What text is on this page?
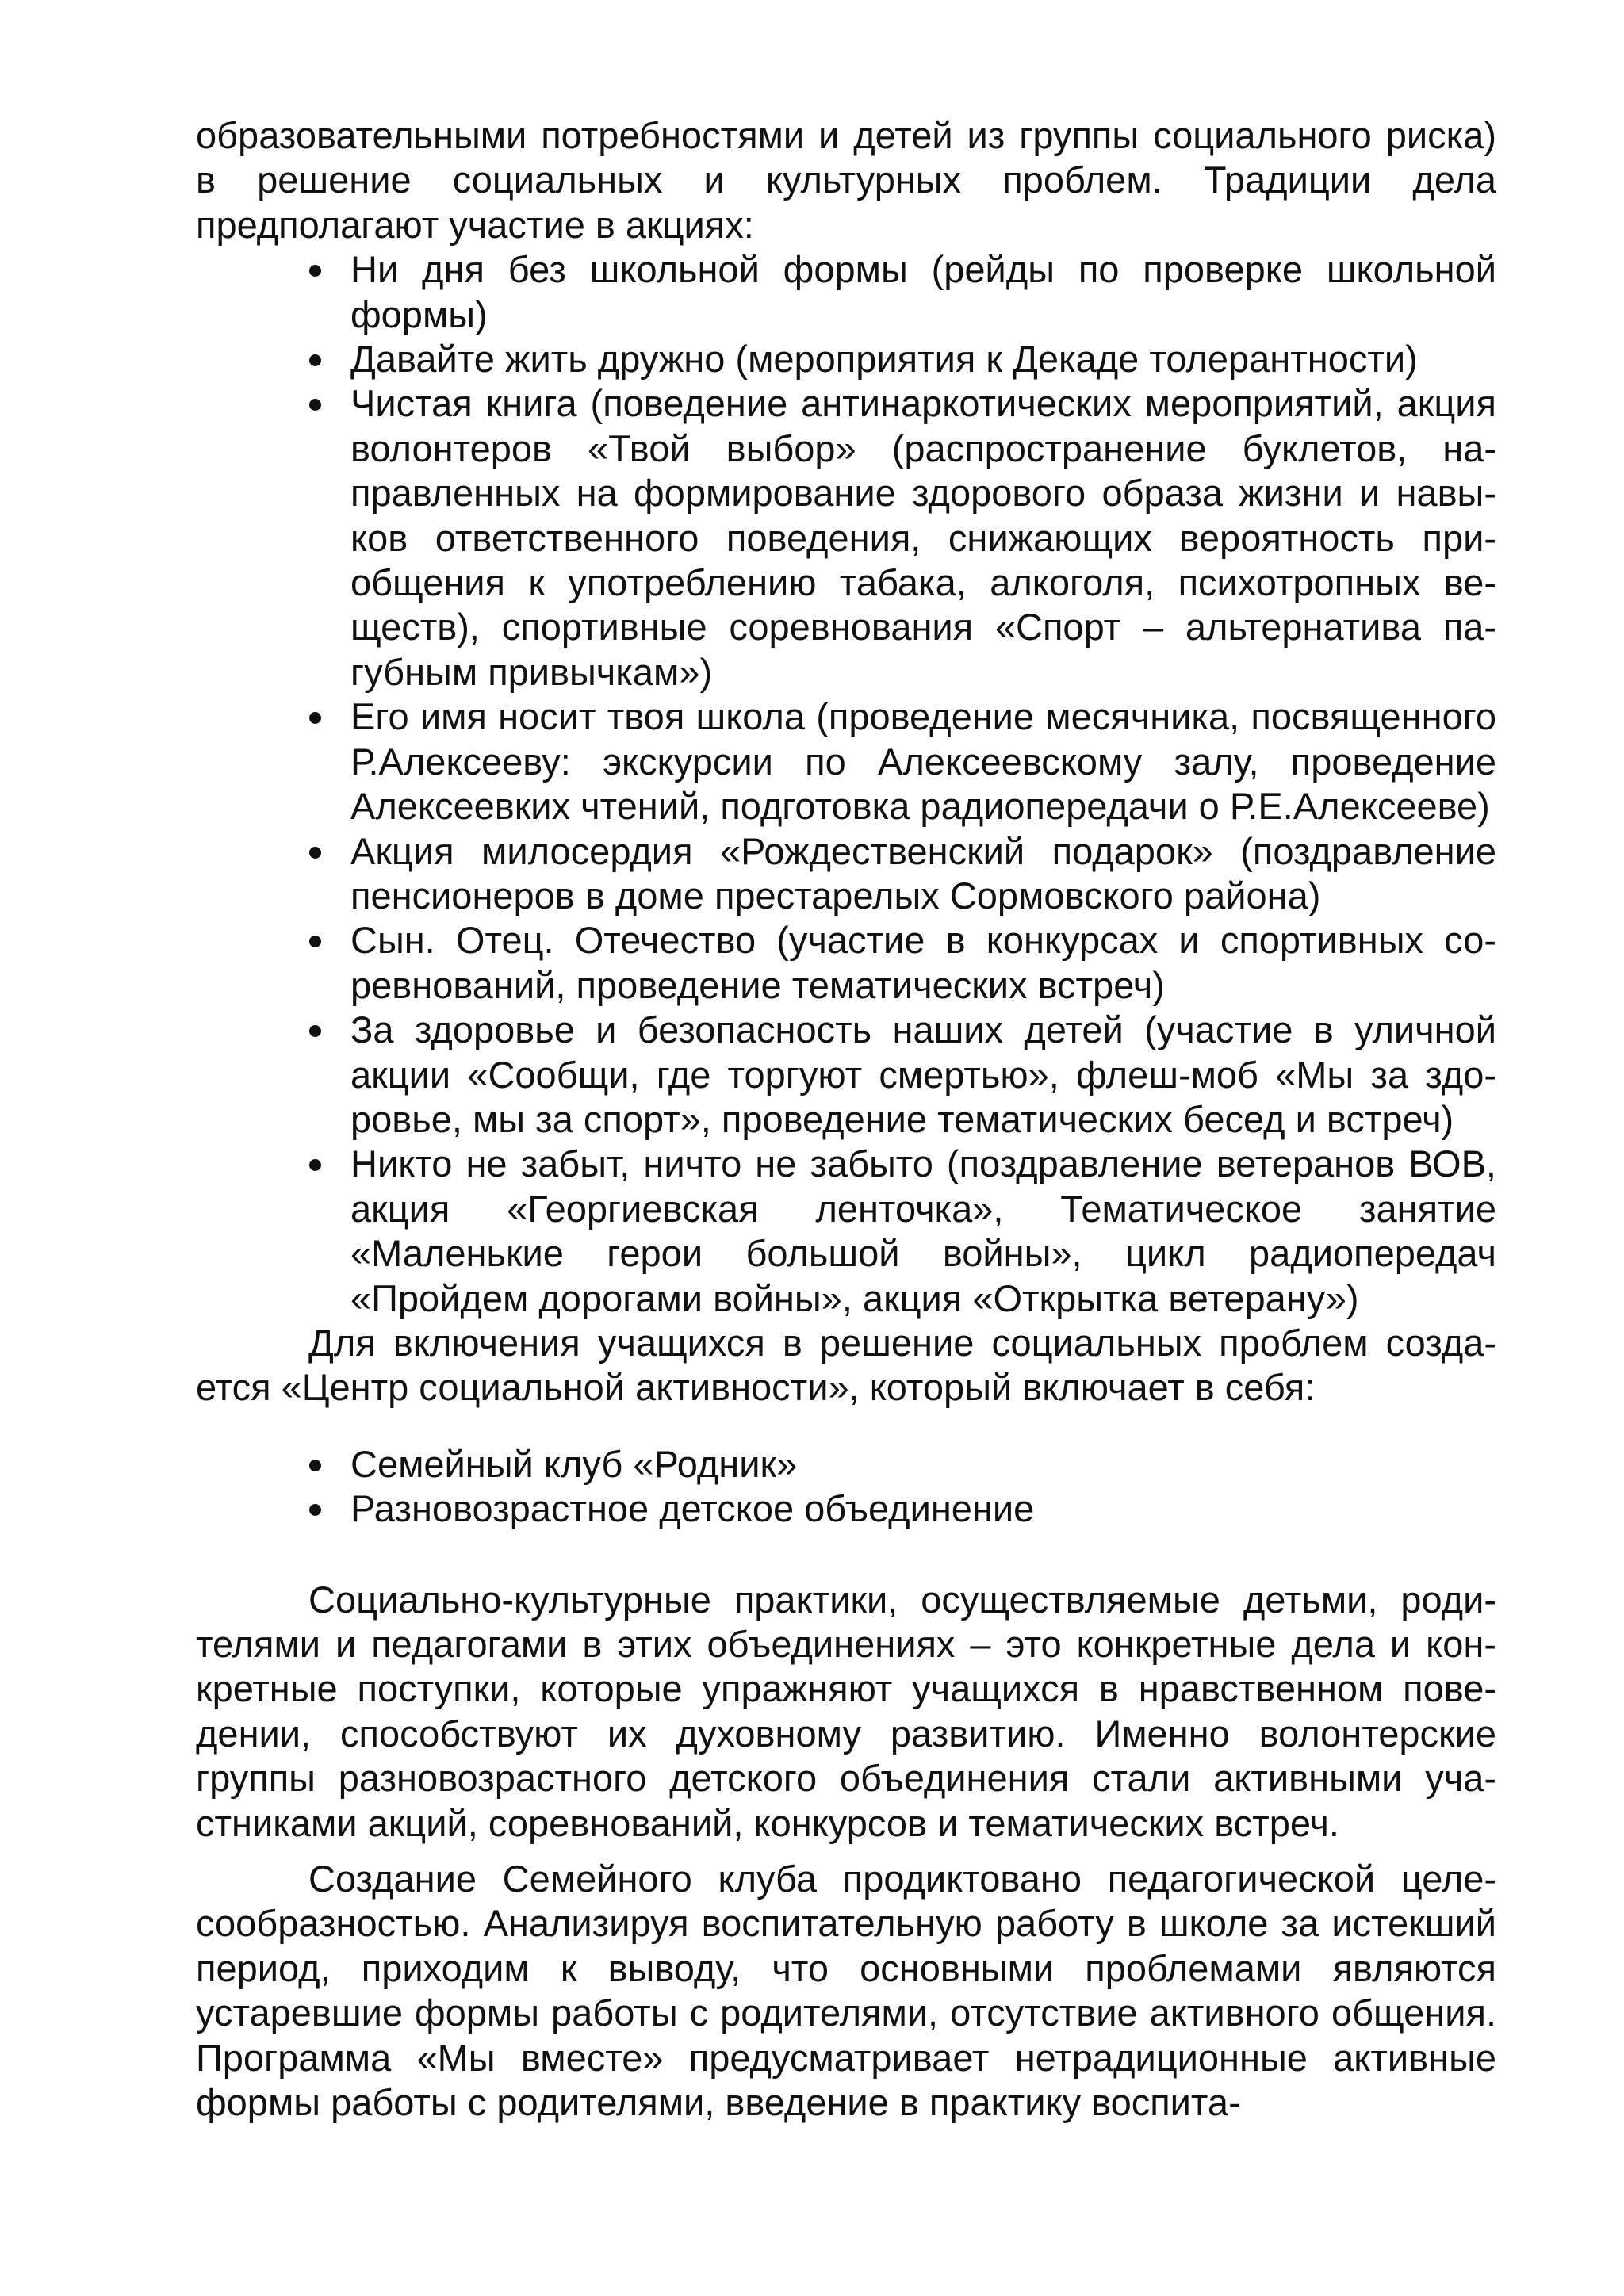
образовательными потребностями и детей из группы социального риска) в решение социальных и культурных проблем. Традиции дела предполагают участие в акциях:

Ни дня без школьной формы (рейды по проверке школьной формы)
Давайте жить дружно (мероприятия к Декаде толерантности)
Чистая книга (поведение антинаркотических мероприятий, акция волонтеров «Твой выбор» (распространение буклетов, направленных на формирование здорового образа жизни и навыков ответственного поведения, снижающих вероятность приобщения к употреблению табака, алкоголя, психотропных веществ), спортивные соревнования «Спорт – альтернатива пагубным привычкам»)
Его имя носит твоя школа (проведение месячника, посвященного Р.Алексееву: экскурсии по Алексеевскому залу, проведение Алексеевких чтений, подготовка радиопередачи о Р.Е.Алексееве)
Акция милосердия «Рождественский подарок» (поздравление пенсионеров в доме престарелых Сормовского района)
Сын. Отец. Отечество (участие в конкурсах и спортивных соревнований, проведение тематических встреч)
За здоровье и безопасность наших детей (участие в уличной акции «Сообщи, где торгуют смертью», флеш-моб «Мы за здоровье, мы за спорт», проведение тематических бесед и встреч)
Никто не забыт, ничто не забыто (поздравление ветеранов ВОВ, акция «Георгиевская ленточка», Тематическое занятие «Маленькие герои большой войны», цикл радиопередач «Пройдем дорогами войны», акция «Открытка ветерану»)

Для включения учащихся в решение социальных проблем создается «Центр социальной активности», который включает в себя:

Семейный клуб «Родник»
Разновозрастное детское объединение

Социально-культурные практики, осуществляемые детьми, родителями и педагогами в этих объединениях – это конкретные дела и конкретные поступки, которые упражняют учащихся в нравственном поведении, способствуют их духовному развитию. Именно волонтерские группы разновозрастного детского объединения стали активными участниками акций, соревнований, конкурсов и тематических встреч.

Создание Семейного клуба продиктовано педагогической целесообразностью. Анализируя воспитательную работу в школе за истекший период, приходим к выводу, что основными проблемами являются устаревшие формы работы с родителями, отсутствие активного общения. Программа «Мы вместе» предусматривает нетрадиционные активные формы работы с родителями, введение в практику воспита-
